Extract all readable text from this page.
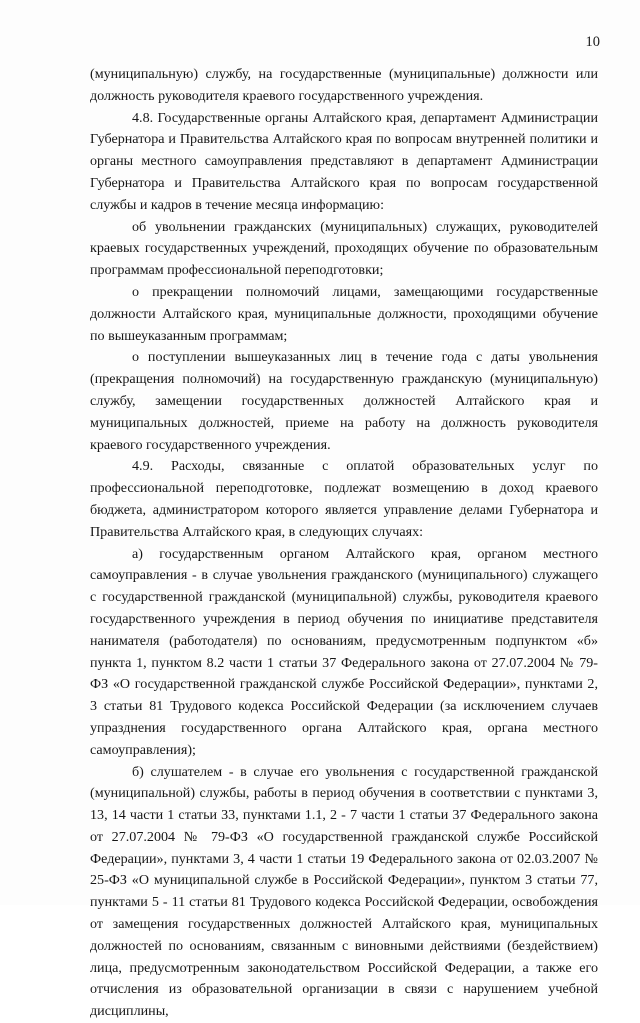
10

(муниципальную) службу, на государственные (муниципальные) должности или должность руководителя краевого государственного учреждения.

4.8. Государственные органы Алтайского края, департамент Администрации Губернатора и Правительства Алтайского края по вопросам внутренней политики и органы местного самоуправления представляют в департамент Администрации Губернатора и Правительства Алтайского края по вопросам государственной службы и кадров в течение месяца информацию:

об увольнении гражданских (муниципальных) служащих, руководителей краевых государственных учреждений, проходящих обучение по образовательным программам профессиональной переподготовки;

о прекращении полномочий лицами, замещающими государственные должности Алтайского края, муниципальные должности, проходящими обучение по вышеуказанным программам;

о поступлении вышеуказанных лиц в течение года с даты увольнения (прекращения полномочий) на государственную гражданскую (муниципальную) службу, замещении государственных должностей Алтайского края и муниципальных должностей, приеме на работу на должность руководителя краевого государственного учреждения.

4.9. Расходы, связанные с оплатой образовательных услуг по профессиональной переподготовке, подлежат возмещению в доход краевого бюджета, администратором которого является управление делами Губернатора и Правительства Алтайского края, в следующих случаях:

а) государственным органом Алтайского края, органом местного самоуправления - в случае увольнения гражданского (муниципального) служащего с государственной гражданской (муниципальной) службы, руководителя краевого государственного учреждения в период обучения по инициативе представителя нанимателя (работодателя) по основаниям, предусмотренным подпунктом «б» пункта 1, пунктом 8.2 части 1 статьи 37 Федерального закона от 27.07.2004 № 79-ФЗ «О государственной гражданской службе Российской Федерации», пунктами 2, 3 статьи 81 Трудового кодекса Российской Федерации (за исключением случаев упразднения государственного органа Алтайского края, органа местного самоуправления);

б) слушателем - в случае его увольнения с государственной гражданской (муниципальной) службы, работы в период обучения в соответствии с пунктами 3, 13, 14 части 1 статьи 33, пунктами 1.1, 2 - 7 части 1 статьи 37 Федерального закона от 27.07.2004 № 79-ФЗ «О государственной гражданской службе Российской Федерации», пунктами 3, 4 части 1 статьи 19 Федерального закона от 02.03.2007 № 25-ФЗ «О муниципальной службе в Российской Федерации», пунктом 3 статьи 77, пунктами 5 - 11 статьи 81 Трудового кодекса Российской Федерации, освобождения от замещения государственных должностей Алтайского края, муниципальных должностей по основаниям, связанным с виновными действиями (бездействием) лица, предусмотренным законодательством Российской Федерации, а также его отчисления из образовательной организации в связи с нарушением учебной дисциплины,
